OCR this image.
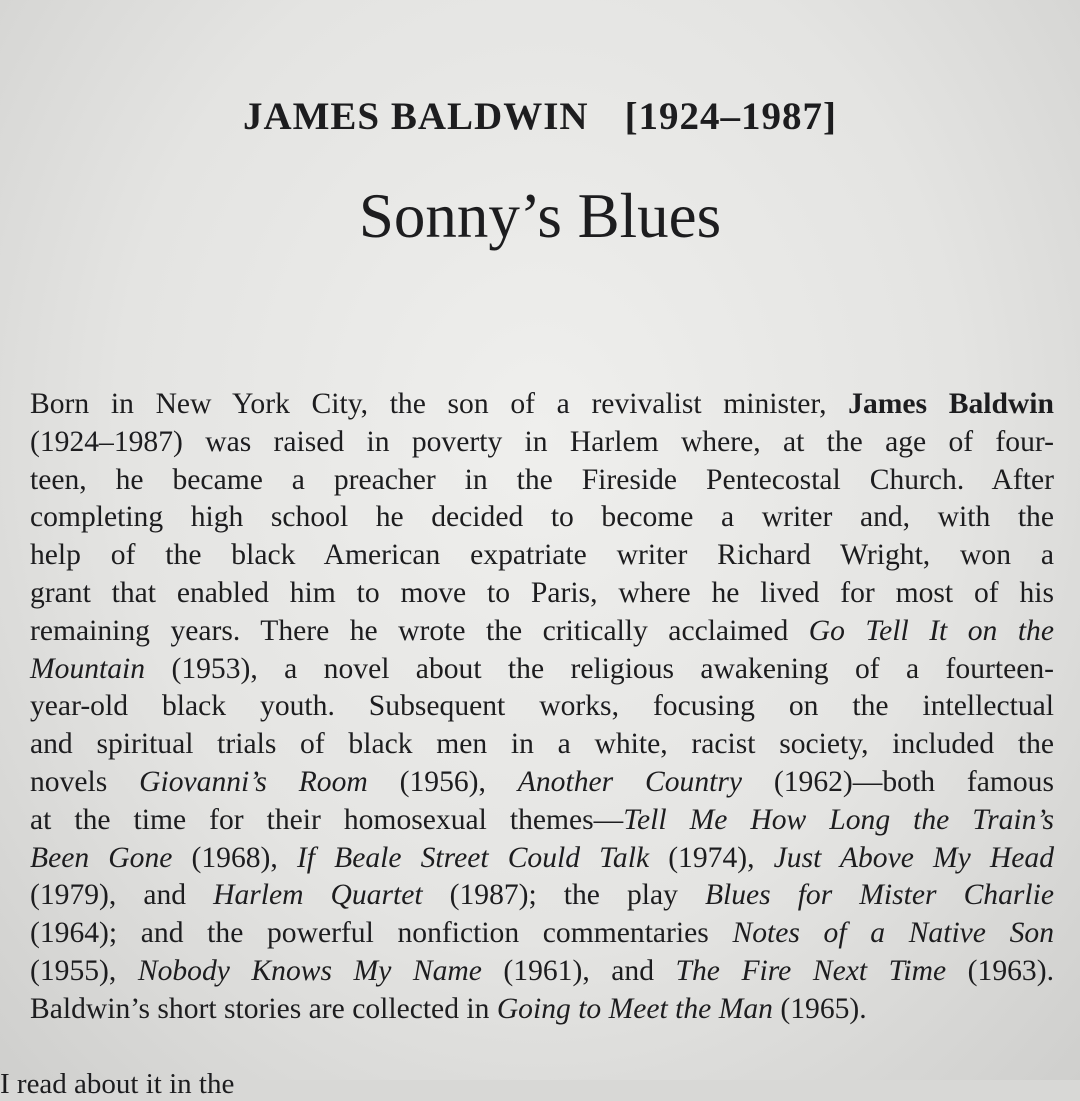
JAMES BALDWIN [1924–1987]
Sonny’s Blues
Born in New York City, the son of a revivalist minister, James Baldwin
(1924–1987) was raised in poverty in Harlem where, at the age of four-
teen, he became a preacher in the Fireside Pentecostal Church. After
completing high school he decided to become a writer and, with the
help of the black American expatriate writer Richard Wright, won a
grant that enabled him to move to Paris, where he lived for most of his
remaining years. There he wrote the critically acclaimed Go Tell It on the
Mountain (1953), a novel about the religious awakening of a fourteen-
year-old black youth. Subsequent works, focusing on the intellectual
and spiritual trials of black men in a white, racist society, included the
novels Giovanni’s Room (1956), Another Country (1962)—both famous
at the time for their homosexual themes—Tell Me How Long the Train’s
Been Gone (1968), If Beale Street Could Talk (1974), Just Above My Head
(1979), and Harlem Quartet (1987); the play Blues for Mister Charlie
(1964); and the powerful nonfiction commentaries Notes of a Native Son
(1955), Nobody Knows My Name (1961), and The Fire Next Time (1963).
Baldwin’s short stories are collected in Going to Meet the Man (1965).
I read about it in the
